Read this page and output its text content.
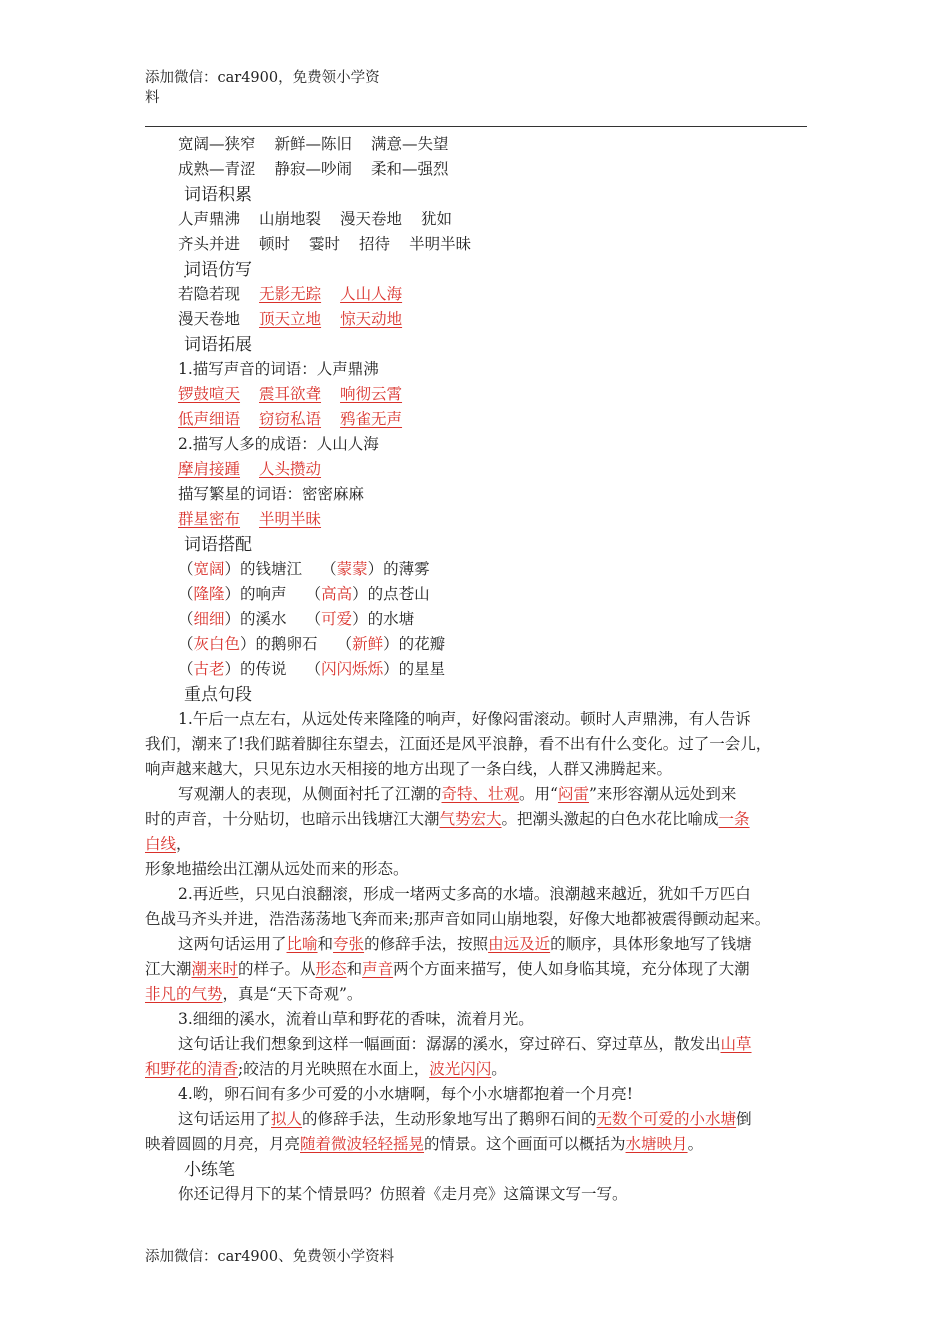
添加微信：car4900，免费领小学资
料
宽阔—狭窄 新鲜—陈旧 满意—失望
成熟—青涩 静寂—吵闹 柔和—强烈
词语积累
人声鼎沸 山崩地裂 漫天卷地 犹如
齐头并进 顿时 霎时 招待 半明半昧
词语仿写
若隐若现 无影无踪 人山人海
漫天卷地 顶天立地 惊天动地
词语拓展
1.描写声音的词语：人声鼎沸
锣鼓喧天 震耳欲聋 响彻云霄
低声细语 窃窃私语 鸦雀无声
2.描写人多的成语：人山人海
摩肩接踵 人头攒动
描写繁星的词语：密密麻麻
群星密布 半明半昧
词语搭配
（宽阔）的钱塘江 （蒙蒙）的薄雾
（隆隆）的响声 （高高）的点苍山
（细细）的溪水 （可爱）的水塘
（灰白色）的鹅卵石 （新鲜）的花瓣
（古老）的传说 （闪闪烁烁）的星星
重点句段
1.午后一点左右，从远处传来隆隆的响声，好像闷雷滚动。顿时人声鼎沸，有人告诉
我们，潮来了!我们踮着脚往东望去，江面还是风平浪静，看不出有什么变化。过了一会儿，
响声越来越大，只见东边水天相接的地方出现了一条白线，人群又沸腾起来。
写观潮人的表现，从侧面衬托了江潮的奇特、壮观。用“闷雷”来形容潮从远处到来
时的声音，十分贴切，也暗示出钱塘江大潮气势宏大。把潮头激起的白色水花比喻成一条
白线，
形象地描绘出江潮从远处而来的形态。
2.再近些，只见白浪翻滚，形成一堵两丈多高的水墙。浪潮越来越近，犹如千万匹白
色战马齐头并进，浩浩荡荡地飞奔而来;那声音如同山崩地裂，好像大地都被震得颤动起来。
这两句话运用了比喻和夸张的修辞手法，按照由远及近的顺序，具体形象地写了钱塘
江大潮潮来时的样子。从形态和声音两个方面来描写，使人如身临其境，充分体现了大潮
非凡的气势，真是“天下奇观”。
3.细细的溪水，流着山草和野花的香味，流着月光。
这句话让我们想象到这样一幅画面：潺潺的溪水，穿过碎石、穿过草丛，散发出山草
和野花的清香;皎洁的月光映照在水面上，波光闪闪。
4.哟，卵石间有多少可爱的小水塘啊，每个小水塘都抱着一个月亮!
这句话运用了拟人的修辞手法，生动形象地写出了鹅卵石间的无数个可爱的小水塘倒
映着圆圆的月亮，月亮随着微波轻轻摇晃的情景。这个画面可以概括为水塘映月。
小练笔
你还记得月下的某个情景吗？仿照着《走月亮》这篇课文写一写。
添加微信：car4900、免费领小学资料
